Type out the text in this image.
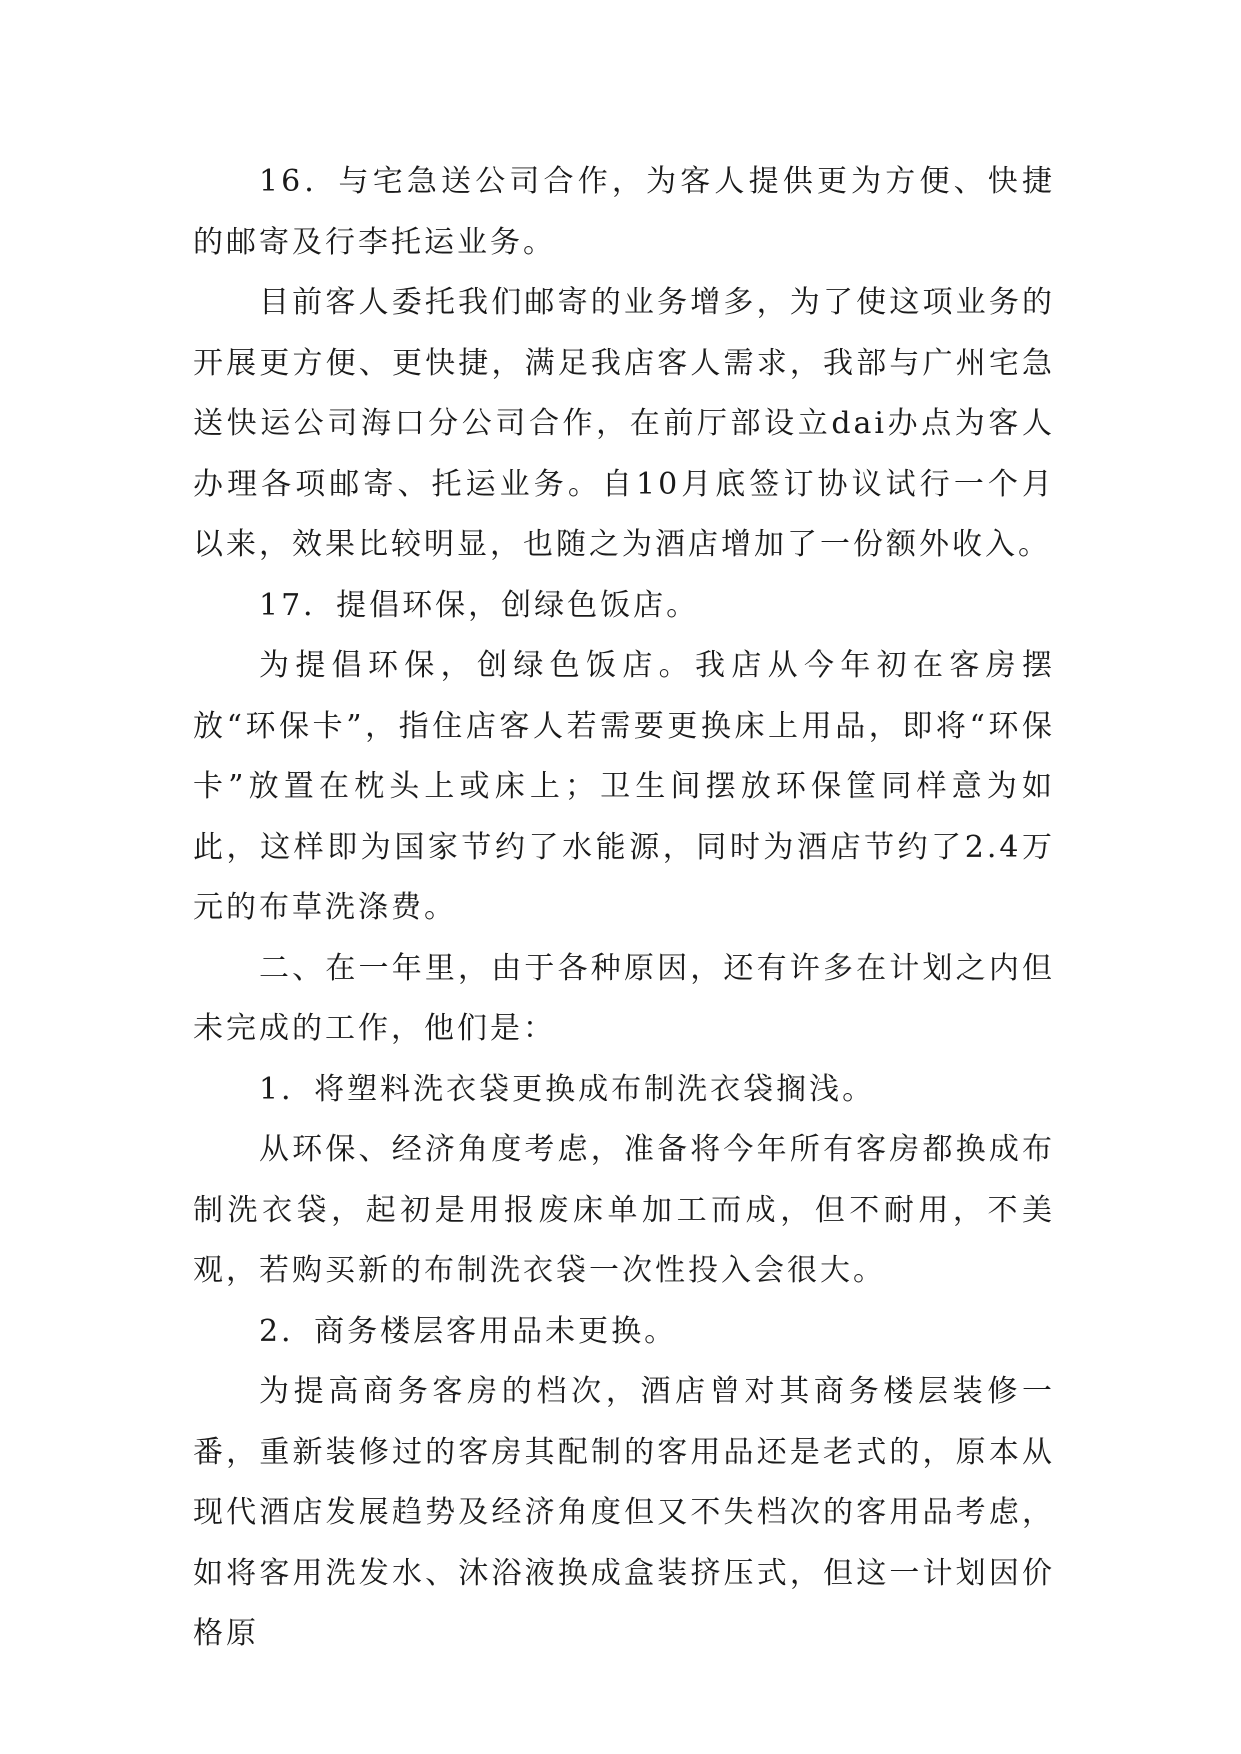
16．与宅急送公司合作，为客人提供更为方便、快捷的邮寄及行李托运业务。

目前客人委托我们邮寄的业务增多，为了使这项业务的开展更方便、更快捷，满足我店客人需求，我部与广州宅急送快运公司海口分公司合作，在前厅部设立dai办点为客人办理各项邮寄、托运业务。自10月底签订协议试行一个月以来，效果比较明显，也随之为酒店增加了一份额外收入。

17．提倡环保，创绿色饭店。

为提倡环保，创绿色饭店。我店从今年初在客房摆放“环保卡”，指住店客人若需要更换床上用品，即将“环保卡”放置在枕头上或床上；卫生间摆放环保筐同样意为如此，这样即为国家节约了水能源，同时为酒店节约了2.4万元的布草洗涤费。

二、在一年里，由于各种原因，还有许多在计划之内但未完成的工作，他们是：

1．将塑料洗衣袋更换成布制洗衣袋搁浅。

从环保、经济角度考虑，准备将今年所有客房都换成布制洗衣袋，起初是用报废床单加工而成，但不耐用，不美观，若购买新的布制洗衣袋一次性投入会很大。

2．商务楼层客用品未更换。

为提高商务客房的档次，酒店曾对其商务楼层装修一番，重新装修过的客房其配制的客用品还是老式的，原本从现代酒店发展趋势及经济角度但又不失档次的客用品考虑，如将客用洗发水、沐浴液换成盒装挤压式，但这一计划因价格原
